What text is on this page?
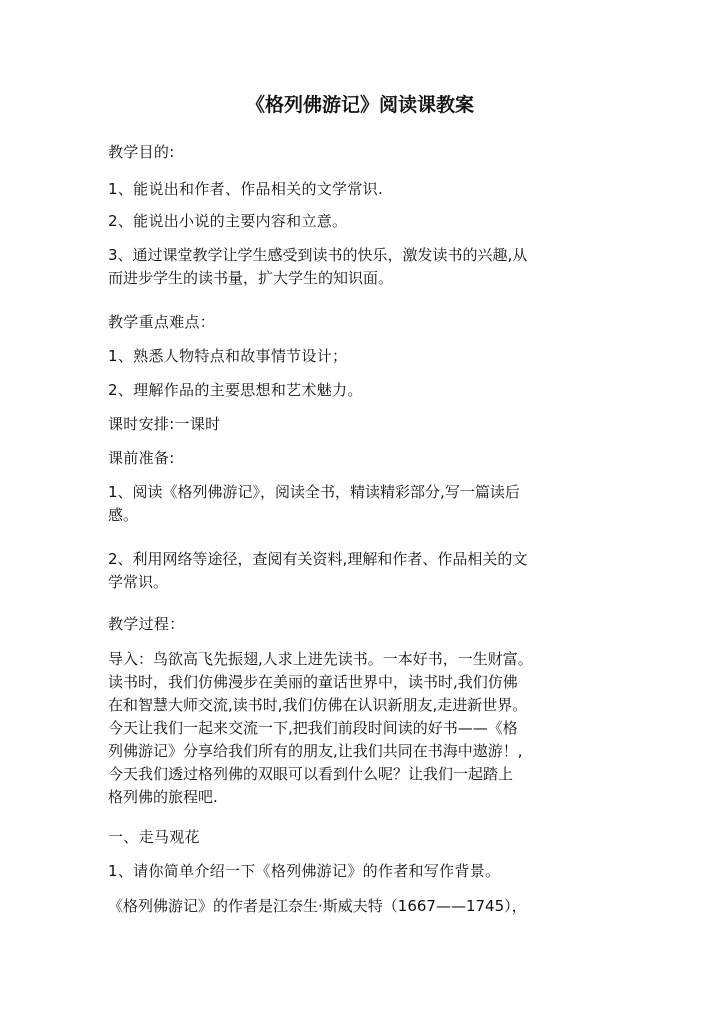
《格列佛游记》阅读课教案
教学目的:
1、能说出和作者、作品相关的文学常识.
2、能说出小说的主要内容和立意。
3、通过课堂教学让学生感受到读书的快乐，激发读书的兴趣,从
而进步学生的读书量，扩大学生的知识面。
教学重点难点：
1、熟悉人物特点和故事情节设计；
2、理解作品的主要思想和艺术魅力。
课时安排:一课时
课前准备:
1、阅读《格列佛游记》，阅读全书，精读精彩部分,写一篇读后
感。
2、利用网络等途径，查阅有关资料,理解和作者、作品相关的文
学常识。
教学过程：
导入：鸟欲高飞先振翅,人求上进先读书。一本好书，一生财富。
读书时，我们仿佛漫步在美丽的童话世界中，读书时,我们仿佛
在和智慧大师交流,读书时,我们仿佛在认识新朋友,走进新世界。
今天让我们一起来交流一下,把我们前段时间读的好书——《格
列佛游记》分享给我们所有的朋友,让我们共同在书海中遨游！,
今天我们透过格列佛的双眼可以看到什么呢？让我们一起踏上
格列佛的旅程吧.
一、走马观花
1、请你简单介绍一下《格列佛游记》的作者和写作背景。
《格列佛游记》的作者是江奈生·斯威夫特（1667——1745），
